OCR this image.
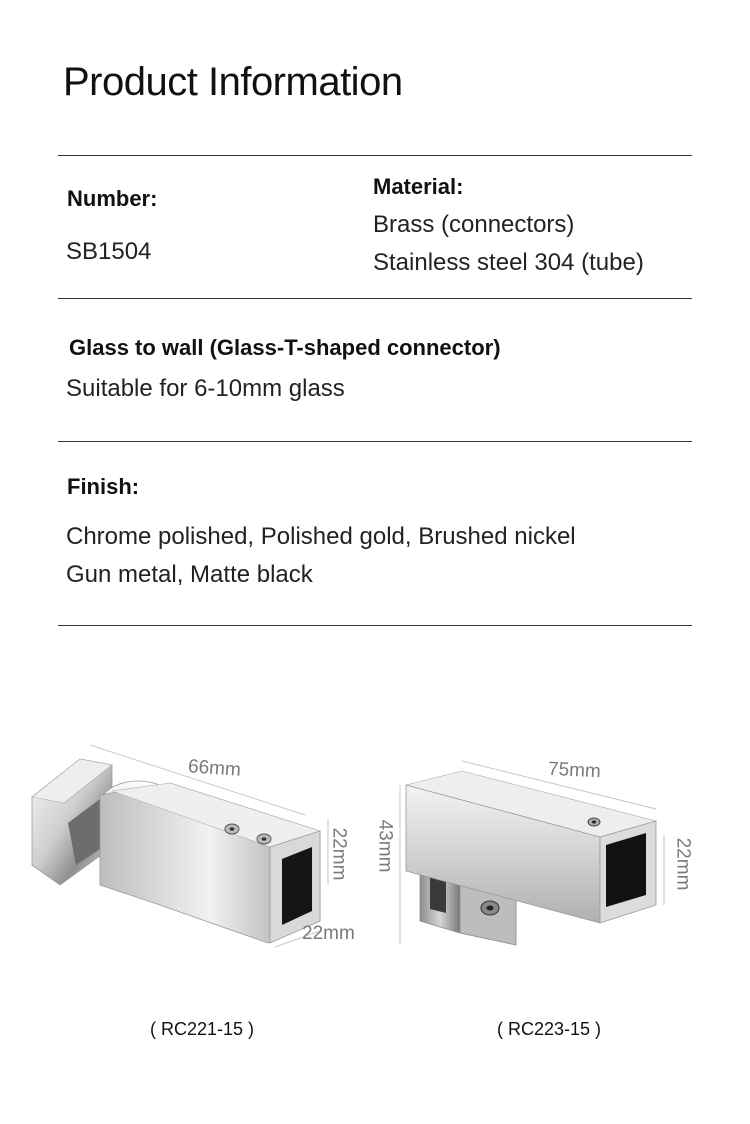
Product Information
Number:
SB1504
Material:
Brass (connectors)
Stainless steel 304 (tube)
Glass to wall (Glass-T-shaped connector)
Suitable for 6-10mm glass
Finish:
Chrome polished, Polished gold, Brushed nickel
Gun metal, Matte black
66mm
22mm
22mm
75mm
43mm	22mm
( RC221-15 )	( RC223-15 )
